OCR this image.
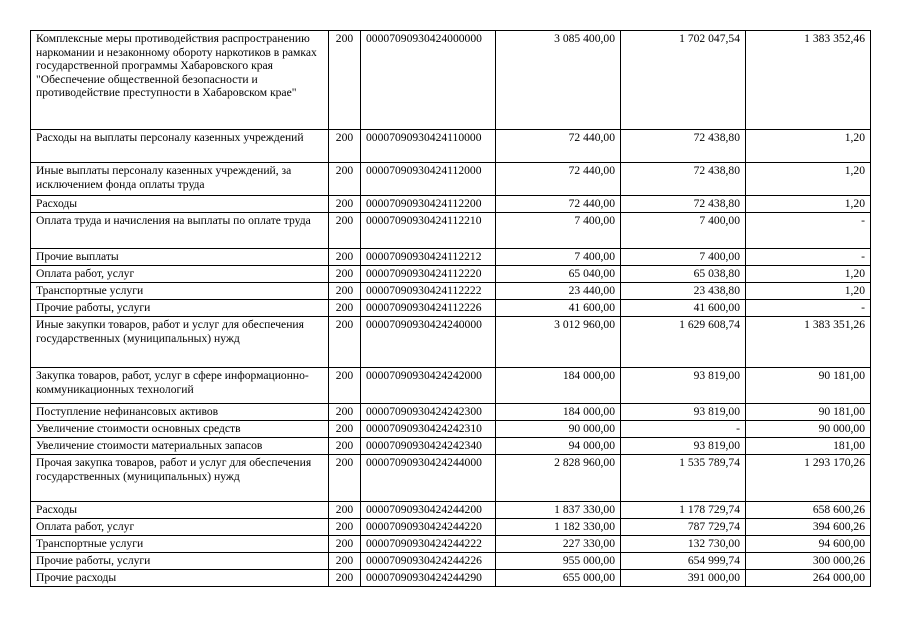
Комплексные меры противодействия распространению наркомании и незаконному обороту наркотиков в рамках государственной программы Хабаровского края "Обеспечение общественной безопасности и противодействие преступности в Хабаровском крае"	200	00007090930424000000	3 085 400,00	1 702 047,54	1 383 352,46
Расходы на выплаты персоналу казенных учреждений	200	00007090930424110000	72 440,00	72 438,80	1,20
Иные выплаты персоналу казенных учреждений, за исключением фонда оплаты труда	200	00007090930424112000	72 440,00	72 438,80	1,20
Расходы	200	00007090930424112200	72 440,00	72 438,80	1,20
Оплата труда и начисления на выплаты по оплате труда	200	00007090930424112210	7 400,00	7 400,00	-
Прочие выплаты	200	00007090930424112212	7 400,00	7 400,00	-
Оплата работ, услуг	200	00007090930424112220	65 040,00	65 038,80	1,20
Транспортные услуги	200	00007090930424112222	23 440,00	23 438,80	1,20
Прочие работы, услуги	200	00007090930424112226	41 600,00	41 600,00	-
Иные закупки товаров, работ и услуг для обеспечения государственных (муниципальных) нужд	200	00007090930424240000	3 012 960,00	1 629 608,74	1 383 351,26
Закупка товаров, работ, услуг в сфере информационно-коммуникационных технологий	200	00007090930424242000	184 000,00	93 819,00	90 181,00
Поступление нефинансовых активов	200	00007090930424242300	184 000,00	93 819,00	90 181,00
Увеличение стоимости основных средств	200	00007090930424242310	90 000,00	-	90 000,00
Увеличение стоимости материальных запасов	200	00007090930424242340	94 000,00	93 819,00	181,00
Прочая закупка товаров, работ и услуг для обеспечения государственных (муниципальных) нужд	200	00007090930424244000	2 828 960,00	1 535 789,74	1 293 170,26
Расходы	200	00007090930424244200	1 837 330,00	1 178 729,74	658 600,26
Оплата работ, услуг	200	00007090930424244220	1 182 330,00	787 729,74	394 600,26
Транспортные услуги	200	00007090930424244222	227 330,00	132 730,00	94 600,00
Прочие работы, услуги	200	00007090930424244226	955 000,00	654 999,74	300 000,26
Прочие расходы	200	00007090930424244290	655 000,00	391 000,00	264 000,00
